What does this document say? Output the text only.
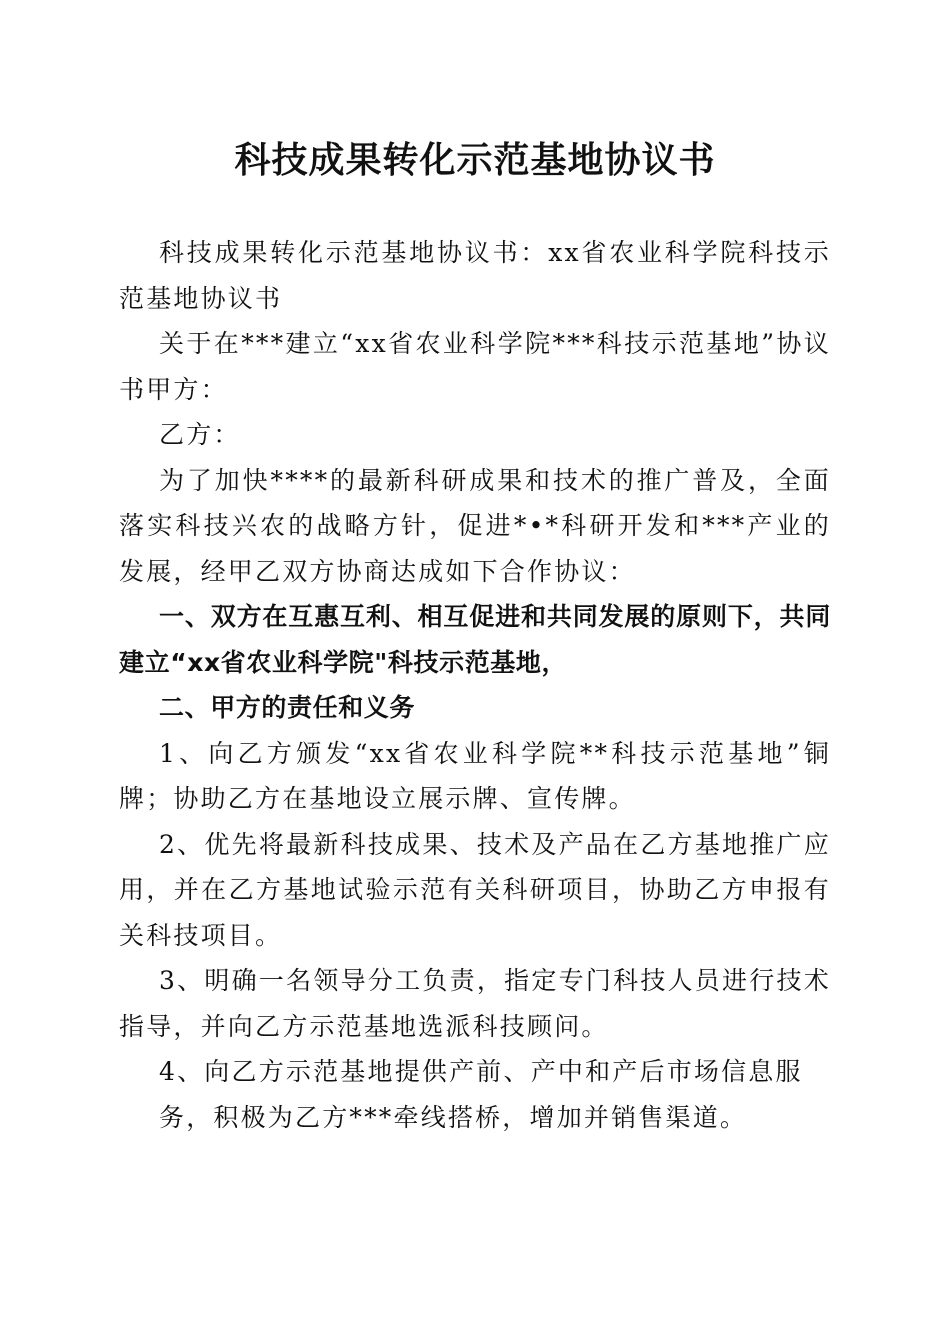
科技成果转化示范基地协议书

科技成果转化示范基地协议书：xx省农业科学院科技示范基地协议书

关于在***建立“xx省农业科学院***科技示范基地”协议书甲方：

乙方：

为了加快****的最新科研成果和技术的推广普及，全面落实科技兴农的战略方针，促进*•*科研开发和***产业的发展，经甲乙双方协商达成如下合作协议：

一、双方在互惠互利、相互促进和共同发展的原则下，共同建立“xx省农业科学院"科技示范基地，

二、甲方的责任和义务

1、向乙方颁发“xx省农业科学院**科技示范基地”铜牌；协助乙方在基地设立展示牌、宣传牌。

2、优先将最新科技成果、技术及产品在乙方基地推广应用，并在乙方基地试验示范有关科研项目，协助乙方申报有关科技项目。

3、明确一名领导分工负责，指定专门科技人员进行技术指导，并向乙方示范基地选派科技顾问。

4、向乙方示范基地提供产前、产中和产后市场信息服

务，积极为乙方***牵线搭桥，增加并销售渠道。
